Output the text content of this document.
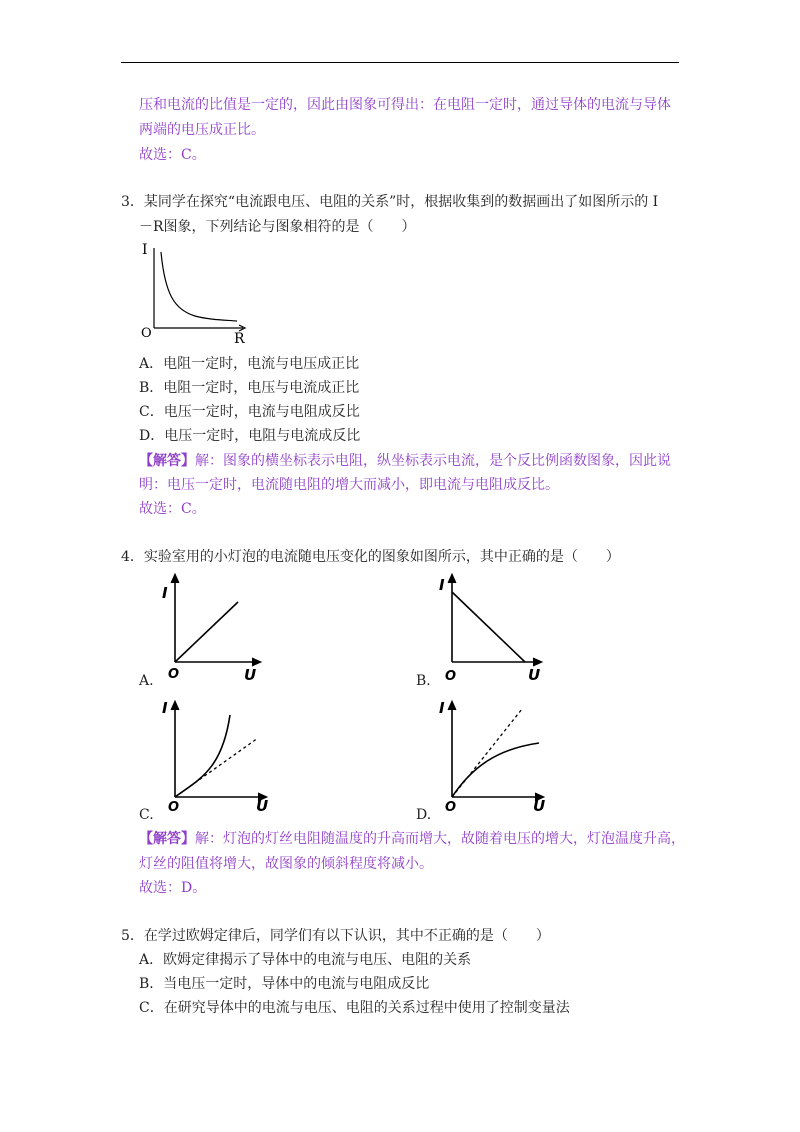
压和电流的比值是一定的，因此由图象可得出：在电阻一定时，通过导体的电流与导体
两端的电压成正比。
故选：C。
3．某同学在探究“电流跟电压、电阻的关系”时，根据收集到的数据画出了如图所示的 I
－R图象，下列结论与图象相符的是（　　）
I
O	R
A．电阻一定时，电流与电压成正比
B．电阻一定时，电压与电流成正比
C．电压一定时，电流与电阻成反比
D．电压一定时，电阻与电流成反比
【解答】解：图象的横坐标表示电阻，纵坐标表示电流，是个反比例函数图象，因此说
明：电压一定时，电流随电阻的增大而减小，即电流与电阻成反比。
故选：C。
4．实验室用的小灯泡的电流随电压变化的图象如图所示，其中正确的是（　　）
I
O	U
A.
I
O	U
B.
I
O	U
C.
I
O	U
D.
【解答】解：灯泡的灯丝电阻随温度的升高而增大，故随着电压的增大，灯泡温度升高，
灯丝的阻值将增大，故图象的倾斜程度将减小。
故选：D。
5．在学过欧姆定律后，同学们有以下认识，其中不正确的是（　　）
A．欧姆定律揭示了导体中的电流与电压、电阻的关系
B．当电压一定时，导体中的电流与电阻成反比
C．在研究导体中的电流与电压、电阻的关系过程中使用了控制变量法
